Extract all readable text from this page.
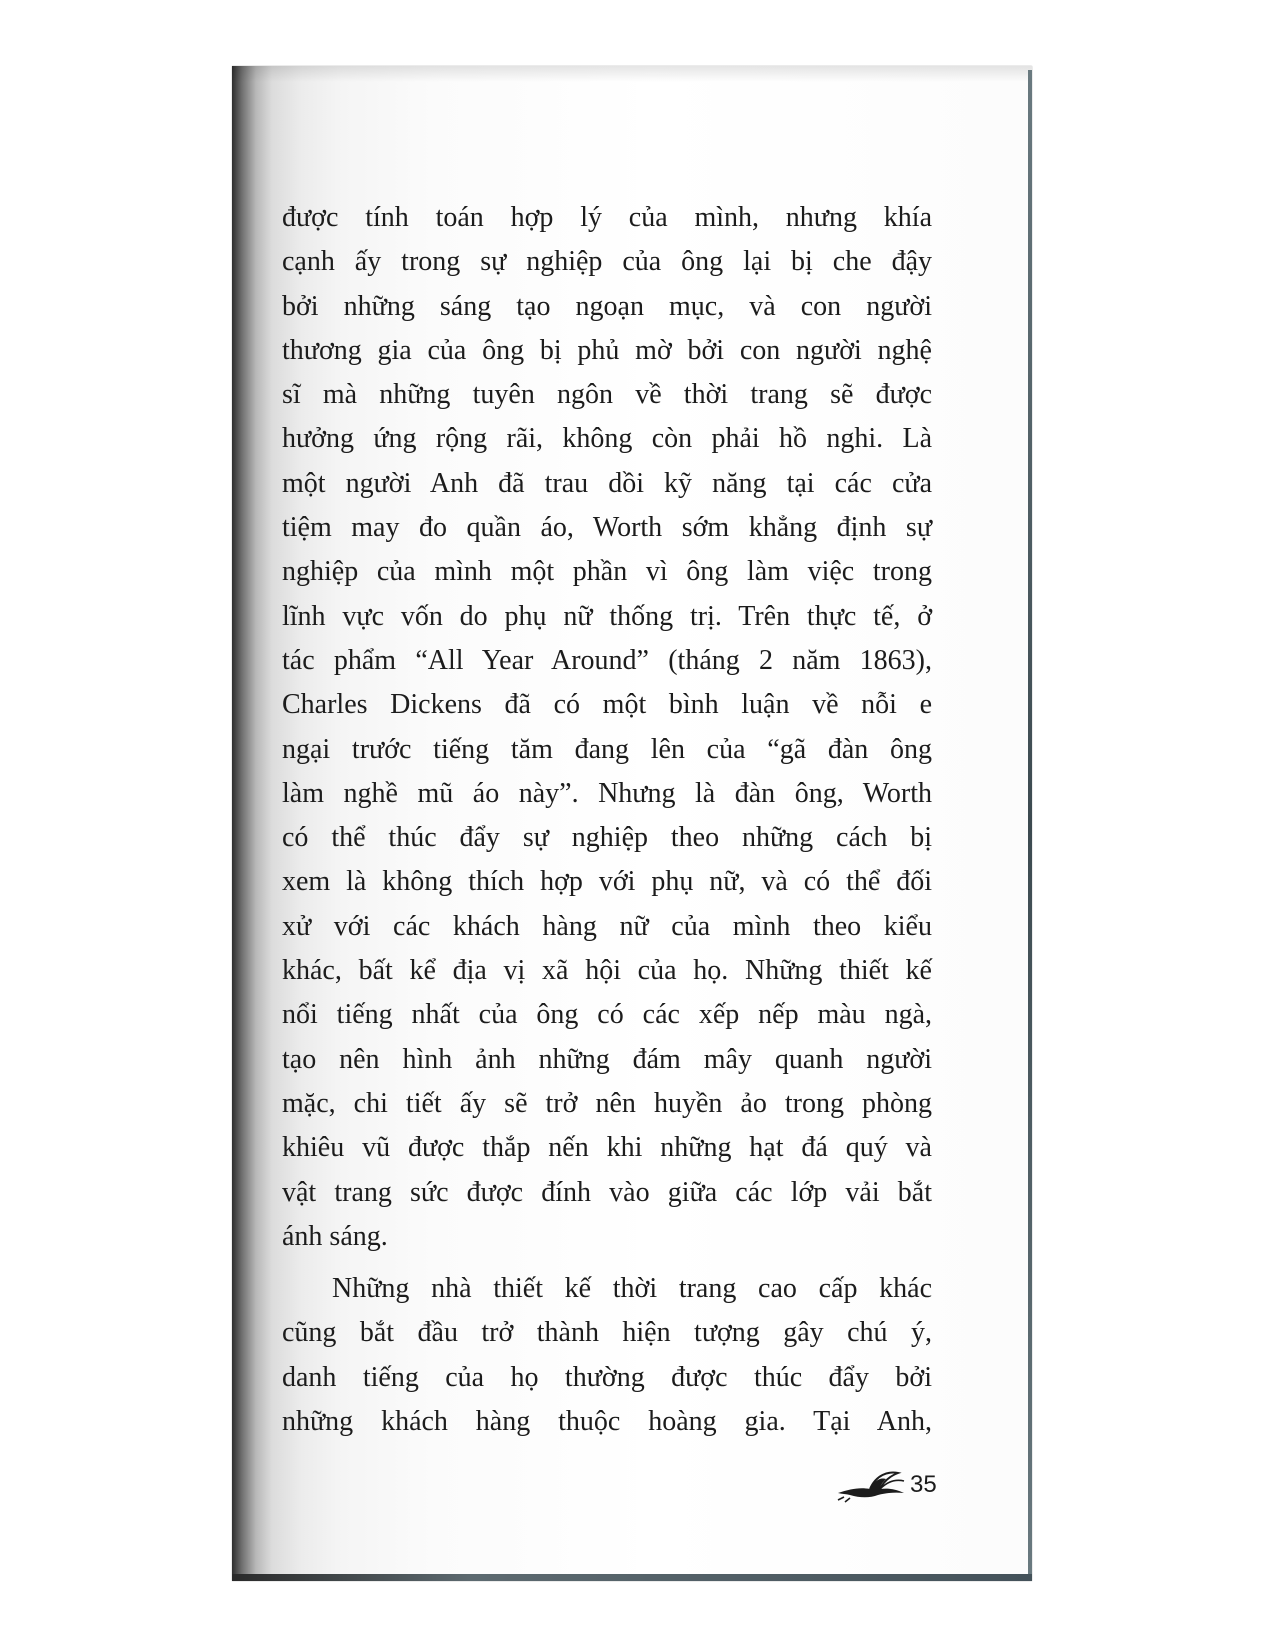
được tính toán hợp lý của mình, nhưng khía
cạnh ấy trong sự nghiệp của ông lại bị che đậy
bởi những sáng tạo ngoạn mục, và con người
thương gia của ông bị phủ mờ bởi con người nghệ
sĩ mà những tuyên ngôn về thời trang sẽ được
hưởng ứng rộng rãi, không còn phải hồ nghi. Là
một người Anh đã trau dồi kỹ năng tại các cửa
tiệm may đo quần áo, Worth sớm khẳng định sự
nghiệp của mình một phần vì ông làm việc trong
lĩnh vực vốn do phụ nữ thống trị. Trên thực tế, ở
tác phẩm “All Year Around” (tháng 2 năm 1863),
Charles Dickens đã có một bình luận về nỗi e
ngại trước tiếng tăm đang lên của “gã đàn ông
làm nghề mũ áo này”. Nhưng là đàn ông, Worth
có thể thúc đẩy sự nghiệp theo những cách bị
xem là không thích hợp với phụ nữ, và có thể đối
xử với các khách hàng nữ của mình theo kiểu
khác, bất kể địa vị xã hội của họ. Những thiết kế
nổi tiếng nhất của ông có các xếp nếp màu ngà,
tạo nên hình ảnh những đám mây quanh người
mặc, chi tiết ấy sẽ trở nên huyền ảo trong phòng
khiêu vũ được thắp nến khi những hạt đá quý và
vật trang sức được đính vào giữa các lớp vải bắt
ánh sáng.
Những nhà thiết kế thời trang cao cấp khác
cũng bắt đầu trở thành hiện tượng gây chú ý,
danh tiếng của họ thường được thúc đẩy bởi
những khách hàng thuộc hoàng gia. Tại Anh,
35
